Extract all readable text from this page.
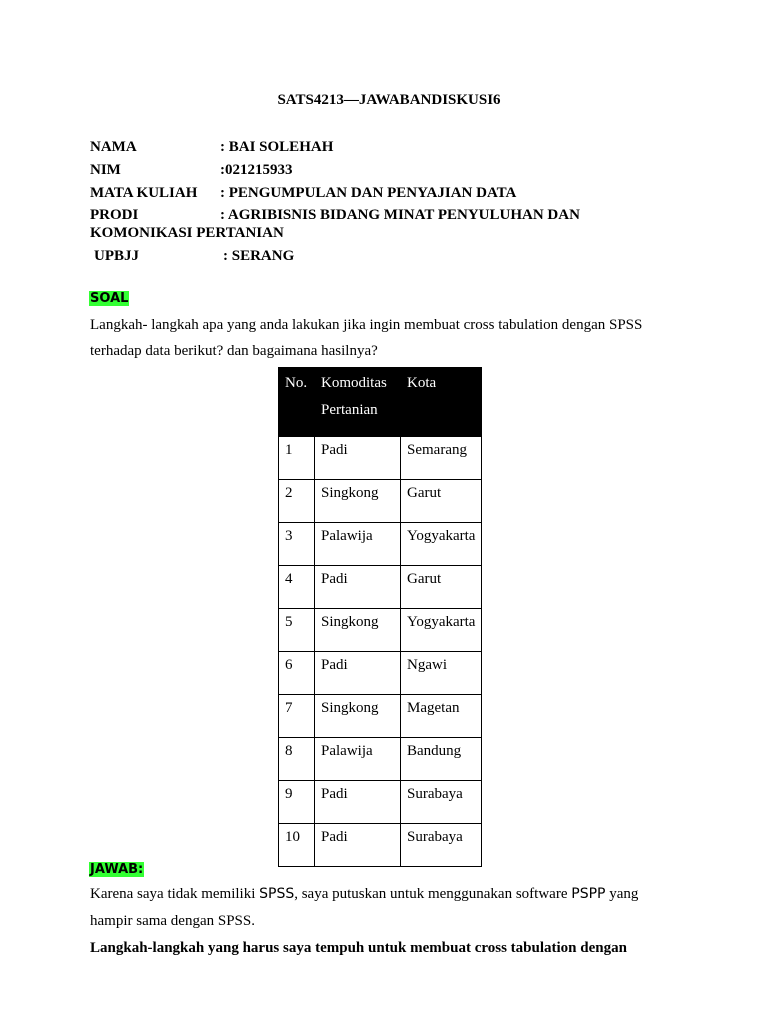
SATS4213—JAWABANDISKUSI6
NAMA	: BAI SOLEHAH
NIM	:021215933
MATA KULIAH : PENGUMPULAN DAN PENYAJIAN DATA
PRODI	: AGRIBISNIS BIDANG MINAT PENYULUHAN DAN
KOMONIKASI PERTANIAN
UPBJJ	: SERANG
SOAL
Langkah- langkah apa yang anda lakukan jika ingin membuat cross tabulation dengan SPSS
terhadap data berikut? dan bagaimana hasilnya?
No.	Komoditas Pertanian	Kota
1	Padi	Semarang
2	Singkong	Garut
3	Palawija	Yogyakarta
4	Padi	Garut
5	Singkong	Yogyakarta
6	Padi	Ngawi
7	Singkong	Magetan
8	Palawija	Bandung
9	Padi	Surabaya
10	Padi	Surabaya
JAWAB:
Karena saya tidak memiliki SPSS, saya putuskan untuk menggunakan software PSPP yang
hampir sama dengan SPSS.
Langkah-langkah yang harus saya tempuh untuk membuat cross tabulation dengan
